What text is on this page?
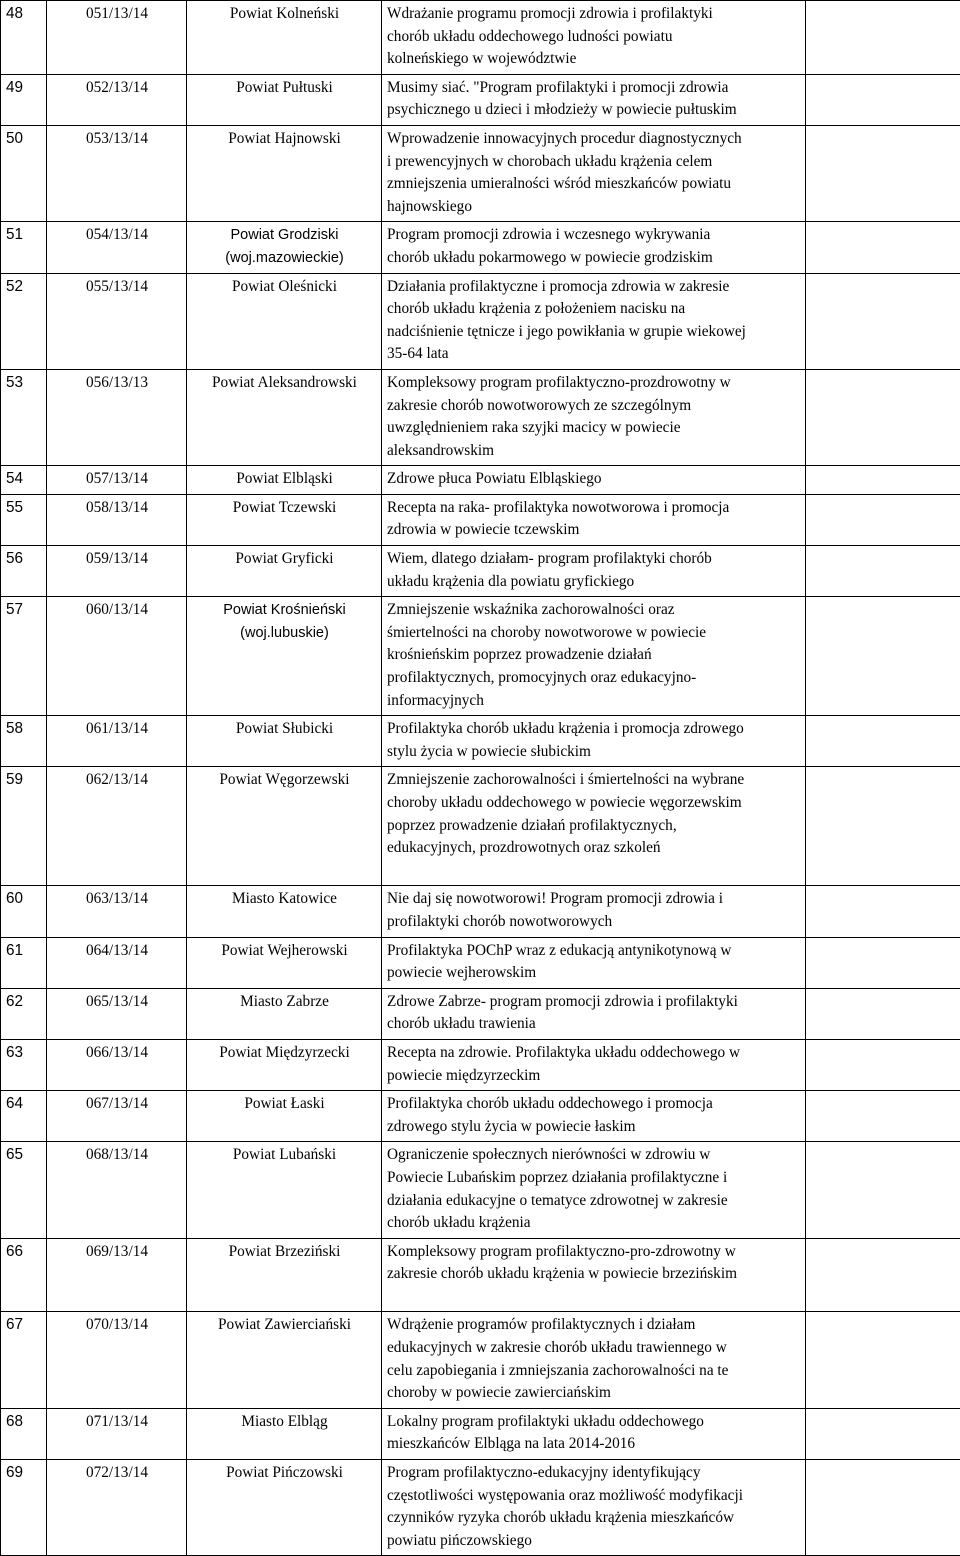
48	051/13/14	Powiat Kolneński	Wdrażanie programu promocji zdrowia i profilaktyki
chorób układu oddechowego ludności powiatu
kolneńskiego w województwie	

49	052/13/14	Powiat Pułtuski	Musimy siać. "Program profilaktyki i promocji zdrowia
psychicznego u dzieci i młodzieży w powiecie pułtuskim	

50	053/13/14	Powiat Hajnowski	Wprowadzenie innowacyjnych procedur diagnostycznych
i prewencyjnych w chorobach układu krążenia celem
zmniejszenia umieralności wśród mieszkańców powiatu
hajnowskiego	

51	054/13/14	Powiat Grodziski
(woj.mazowieckie)	Program promocji zdrowia i wczesnego wykrywania
chorób układu pokarmowego w powiecie grodziskim	

52	055/13/14	Powiat Oleśnicki	Działania profilaktyczne i promocja zdrowia w zakresie
chorób układu krążenia z położeniem nacisku na
nadciśnienie tętnicze i jego powikłania w grupie wiekowej
35-64 lata	

53	056/13/13	Powiat Aleksandrowski	Kompleksowy program profilaktyczno-prozdrowotny w
zakresie chorób nowotworowych ze szczególnym
uwzględnieniem raka szyjki macicy w powiecie
aleksandrowskim	

54	057/13/14	Powiat Elbląski	Zdrowe płuca Powiatu Elbląskiego	

55	058/13/14	Powiat Tczewski	Recepta na raka- profilaktyka nowotworowa i promocja
zdrowia w powiecie tczewskim	

56	059/13/14	Powiat Gryficki	Wiem, dlatego działam- program profilaktyki chorób
układu krążenia dla powiatu gryfickiego	

57	060/13/14	Powiat Krośnieński
(woj.lubuskie)	Zmniejszenie wskaźnika zachorowalności oraz
śmiertelności na choroby nowotworowe w powiecie
krośnieńskim poprzez prowadzenie działań
profilaktycznych, promocyjnych oraz edukacyjno-
informacyjnych	

58	061/13/14	Powiat Słubicki	Profilaktyka chorób układu krążenia i promocja zdrowego
stylu życia w powiecie słubickim	

59	062/13/14	Powiat Węgorzewski	Zmniejszenie zachorowalności i śmiertelności na wybrane
choroby układu oddechowego w powiecie węgorzewskim
poprzez prowadzenie działań profilaktycznych,
edukacyjnych, prozdrowotnych oraz szkoleń	

60	063/13/14	Miasto Katowice	Nie daj się nowotworowi! Program promocji zdrowia i
profilaktyki chorób nowotworowych	

61	064/13/14	Powiat Wejherowski	Profilaktyka POChP wraz z edukacją antynikotynową w
powiecie wejherowskim	

62	065/13/14	Miasto Zabrze	Zdrowe Zabrze- program promocji zdrowia i profilaktyki
chorób układu trawienia	

63	066/13/14	Powiat Międzyrzecki	Recepta na zdrowie. Profilaktyka układu oddechowego w
powiecie międzyrzeckim	

64	067/13/14	Powiat Łaski	Profilaktyka chorób układu oddechowego i promocja
zdrowego stylu życia w powiecie łaskim	

65	068/13/14	Powiat Lubański	Ograniczenie społecznych nierówności w zdrowiu w
Powiecie Lubańskim poprzez działania profilaktyczne i
działania edukacyjne o tematyce zdrowotnej w zakresie
chorób układu krążenia	

66	069/13/14	Powiat Brzeziński	Kompleksowy program profilaktyczno-pro-zdrowotny w
zakresie chorób układu krążenia w powiecie brzezińskim	

67	070/13/14	Powiat Zawierciański	Wdrążenie programów profilaktycznych i działam
edukacyjnych w zakresie chorób układu trawiennego w
celu zapobiegania i zmniejszania zachorowalności na te
choroby w powiecie zawierciańskim	

68	071/13/14	Miasto Elbląg	Lokalny program profilaktyki układu oddechowego
mieszkańców Elbląga na lata 2014-2016	

69	072/13/14	Powiat Pińczowski	Program profilaktyczno-edukacyjny identyfikujący
częstotliwości występowania oraz możliwość modyfikacji
czynników ryzyka chorób układu krążenia mieszkańców
powiatu pińczowskiego	
